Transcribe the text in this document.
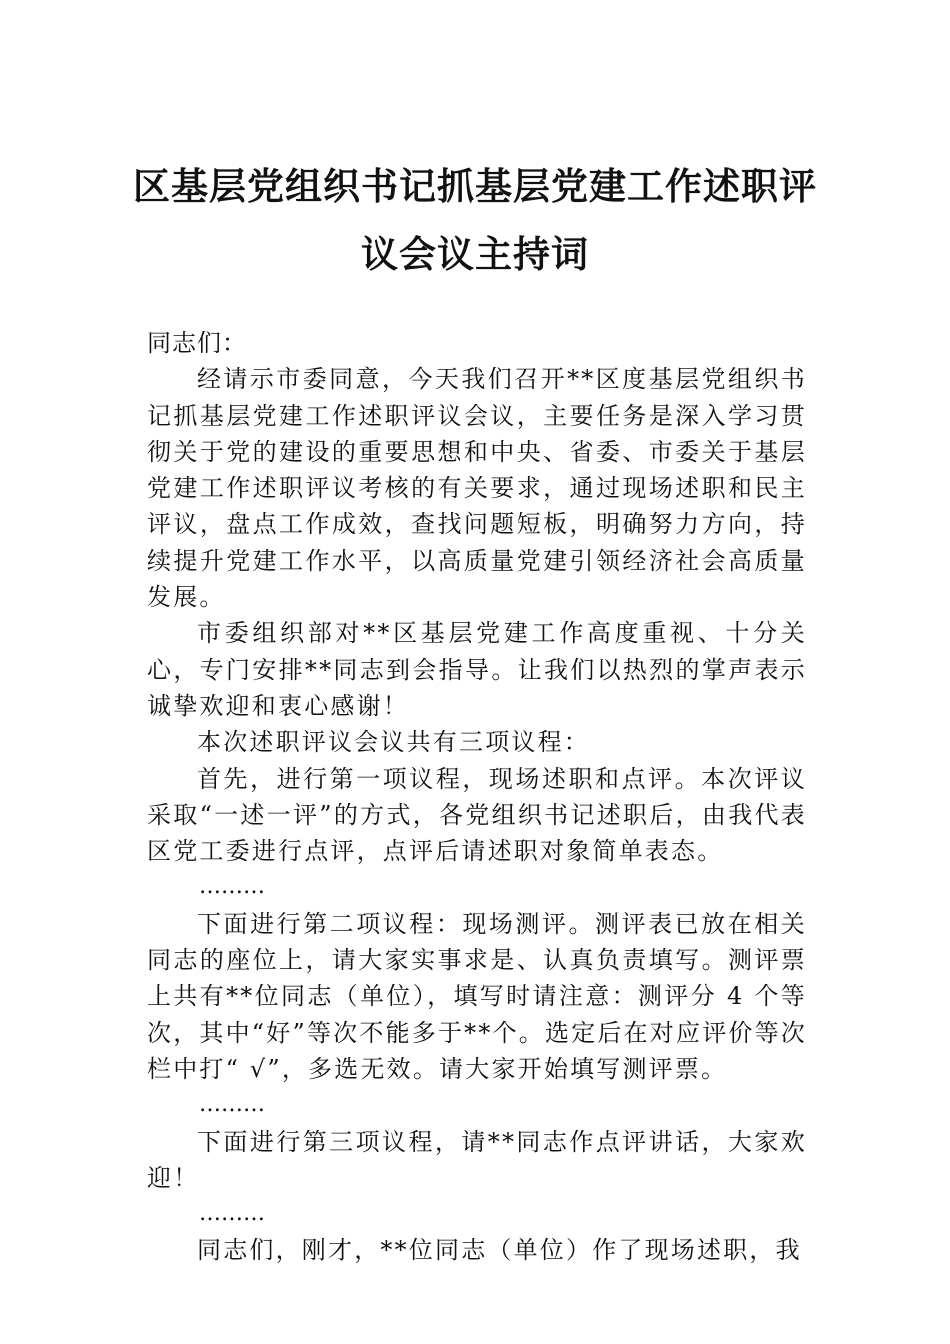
区基层党组织书记抓基层党建工作述职评
议会议主持词

同志们：

经请示市委同意，今天我们召开**区度基层党组织书记抓基层党建工作述职评议会议，主要任务是深入学习贯彻关于党的建设的重要思想和中央、省委、市委关于基层党建工作述职评议考核的有关要求，通过现场述职和民主评议，盘点工作成效，查找问题短板，明确努力方向，持续提升党建工作水平，以高质量党建引领经济社会高质量发展。

市委组织部对**区基层党建工作高度重视、十分关心，专门安排**同志到会指导。让我们以热烈的掌声表示诚挚欢迎和衷心感谢！

本次述职评议会议共有三项议程：

首先，进行第一项议程，现场述职和点评。本次评议采取“一述一评”的方式，各党组织书记述职后，由我代表区党工委进行点评，点评后请述职对象简单表态。

………

下面进行第二项议程：现场测评。测评表已放在相关同志的座位上，请大家实事求是、认真负责填写。测评票上共有**位同志（单位），填写时请注意：测评分 4 个等次，其中“好”等次不能多于**个。选定后在对应评价等次栏中打“ √”，多选无效。请大家开始填写测评票。

………

下面进行第三项议程，请**同志作点评讲话，大家欢迎！

………

同志们，刚才，**位同志（单位）作了现场述职，我
